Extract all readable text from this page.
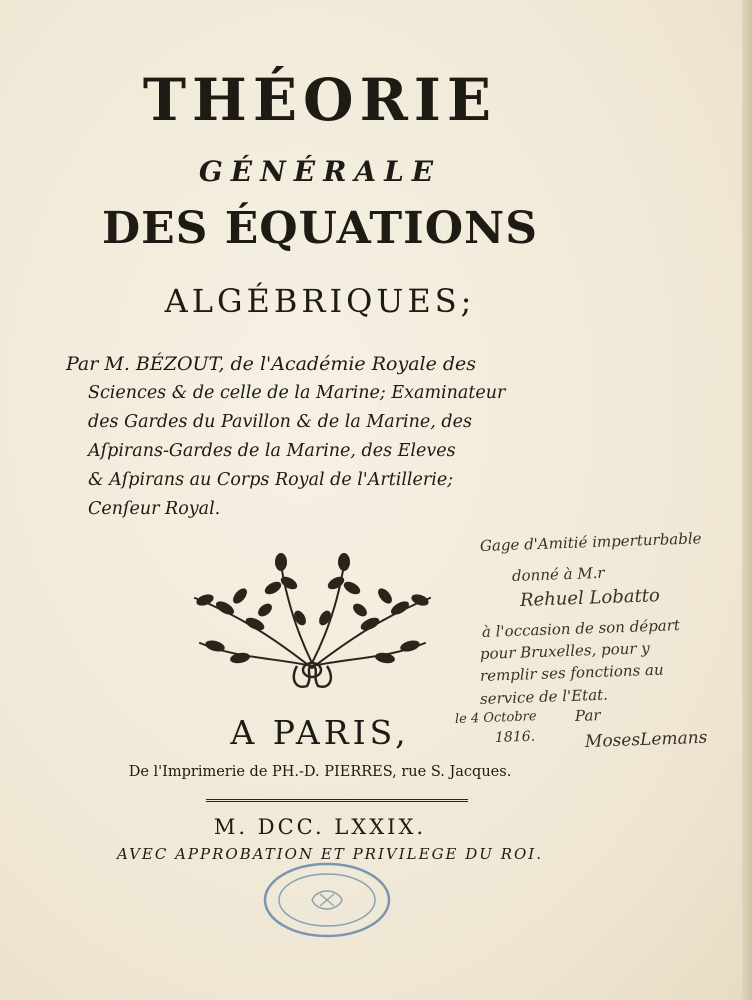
THÉORIE
GÉNÉRALE
DES ÉQUATIONS
ALGÉBRIQUES;
Par M. BÉZOUT, de l'Académie Royale des
Sciences & de celle de la Marine; Examinateur
des Gardes du Pavillon & de la Marine, des
Aſpirans-Gardes de la Marine, des Eleves
& Aſpirans au Corps Royal de l'Artillerie;
Cenſeur Royal.
A PARIS,
De l'Imprimerie de PH.-D. PIERRES, rue S. Jacques.
M. DCC. LXXIX.
AVEC APPROBATION ET PRIVILEGE DU ROI.
Gage d'Amitié imperturbable
donné à M.r
Rehuel Lobatto
à l'occasion de son départ
pour Bruxelles, pour y
remplir ses fonctions au
service de l'Etat.
Par
le 4 Octobre
1816.	MosesLemans
